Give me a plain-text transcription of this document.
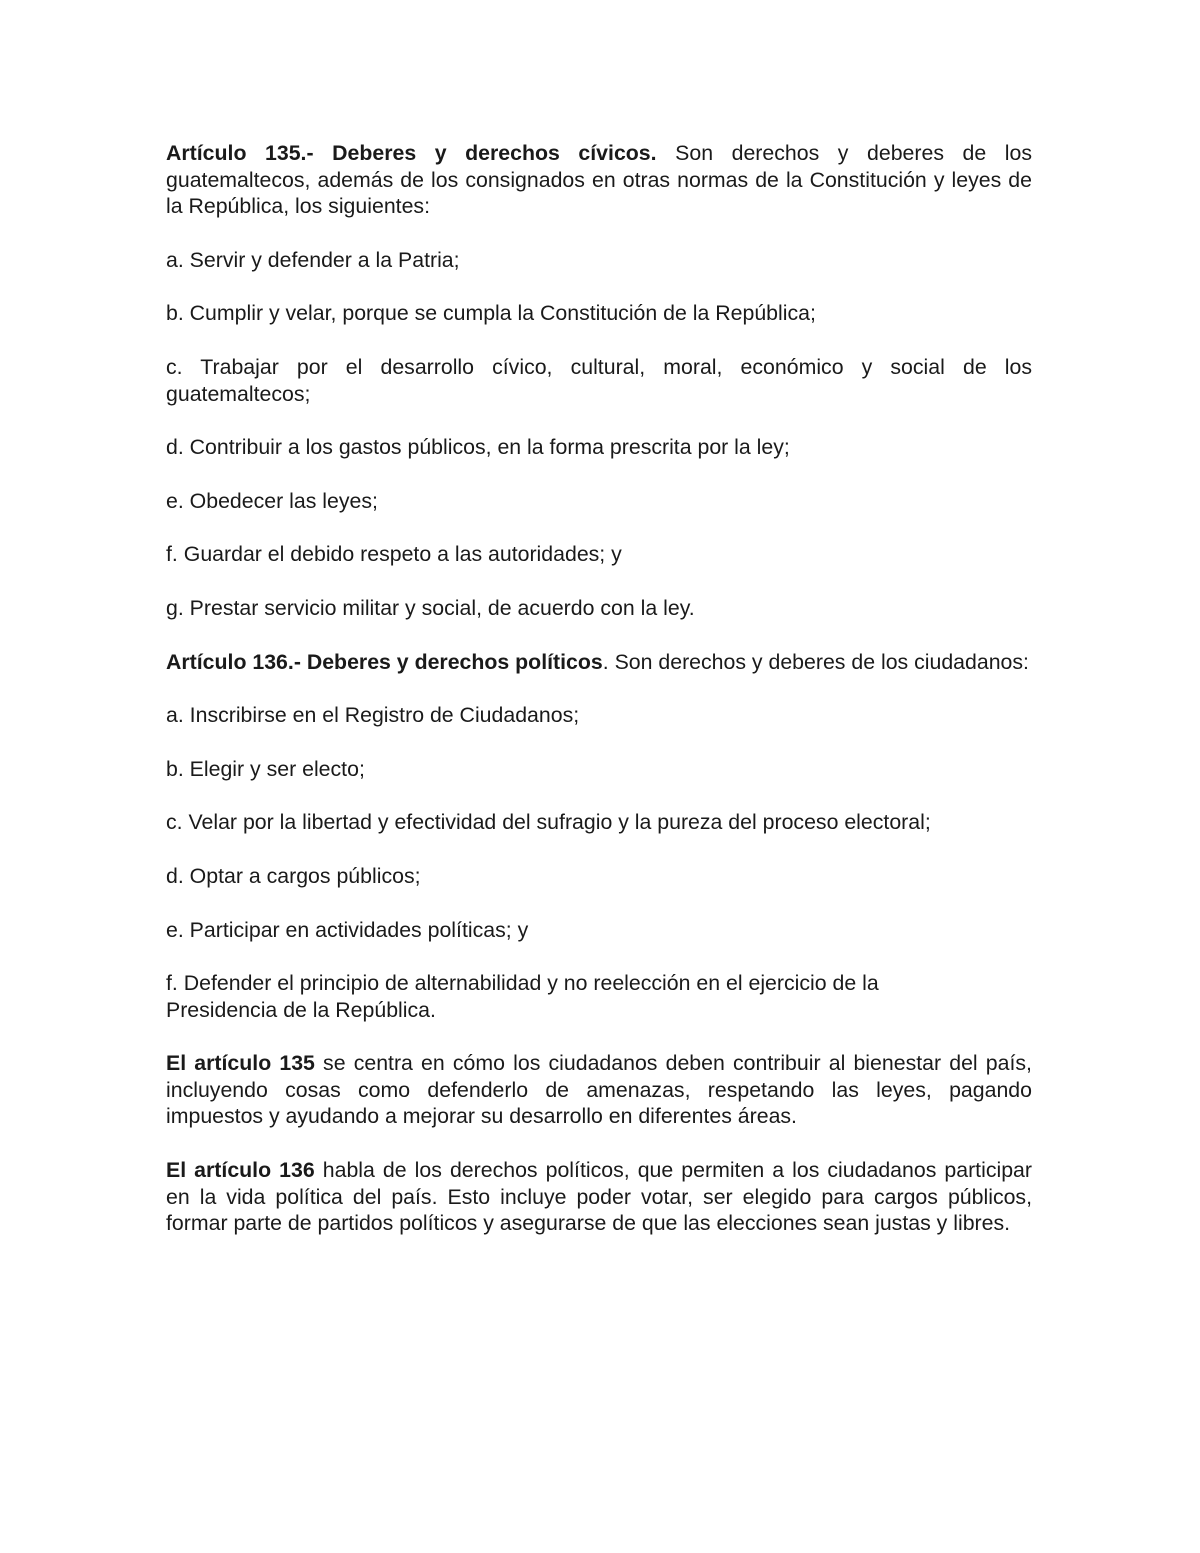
Artículo 135.- Deberes y derechos cívicos. Son derechos y deberes de los guatemaltecos, además de los consignados en otras normas de la Constitución y leyes de la República, los siguientes:

a. Servir y defender a la Patria;

b. Cumplir y velar, porque se cumpla la Constitución de la República;

c. Trabajar por el desarrollo cívico, cultural, moral, económico y social de los guatemaltecos;

d. Contribuir a los gastos públicos, en la forma prescrita por la ley;

e. Obedecer las leyes;

f. Guardar el debido respeto a las autoridades; y

g. Prestar servicio militar y social, de acuerdo con la ley.

Artículo 136.- Deberes y derechos políticos. Son derechos y deberes de los ciudadanos:

a. Inscribirse en el Registro de Ciudadanos;

b. Elegir y ser electo;

c. Velar por la libertad y efectividad del sufragio y la pureza del proceso electoral;

d. Optar a cargos públicos;

e. Participar en actividades políticas; y

f. Defender el principio de alternabilidad y no reelección en el ejercicio de la Presidencia de la República.

El artículo 135 se centra en cómo los ciudadanos deben contribuir al bienestar del país, incluyendo cosas como defenderlo de amenazas, respetando las leyes, pagando impuestos y ayudando a mejorar su desarrollo en diferentes áreas.

El artículo 136 habla de los derechos políticos, que permiten a los ciudadanos participar en la vida política del país. Esto incluye poder votar, ser elegido para cargos públicos, formar parte de partidos políticos y asegurarse de que las elecciones sean justas y libres.
